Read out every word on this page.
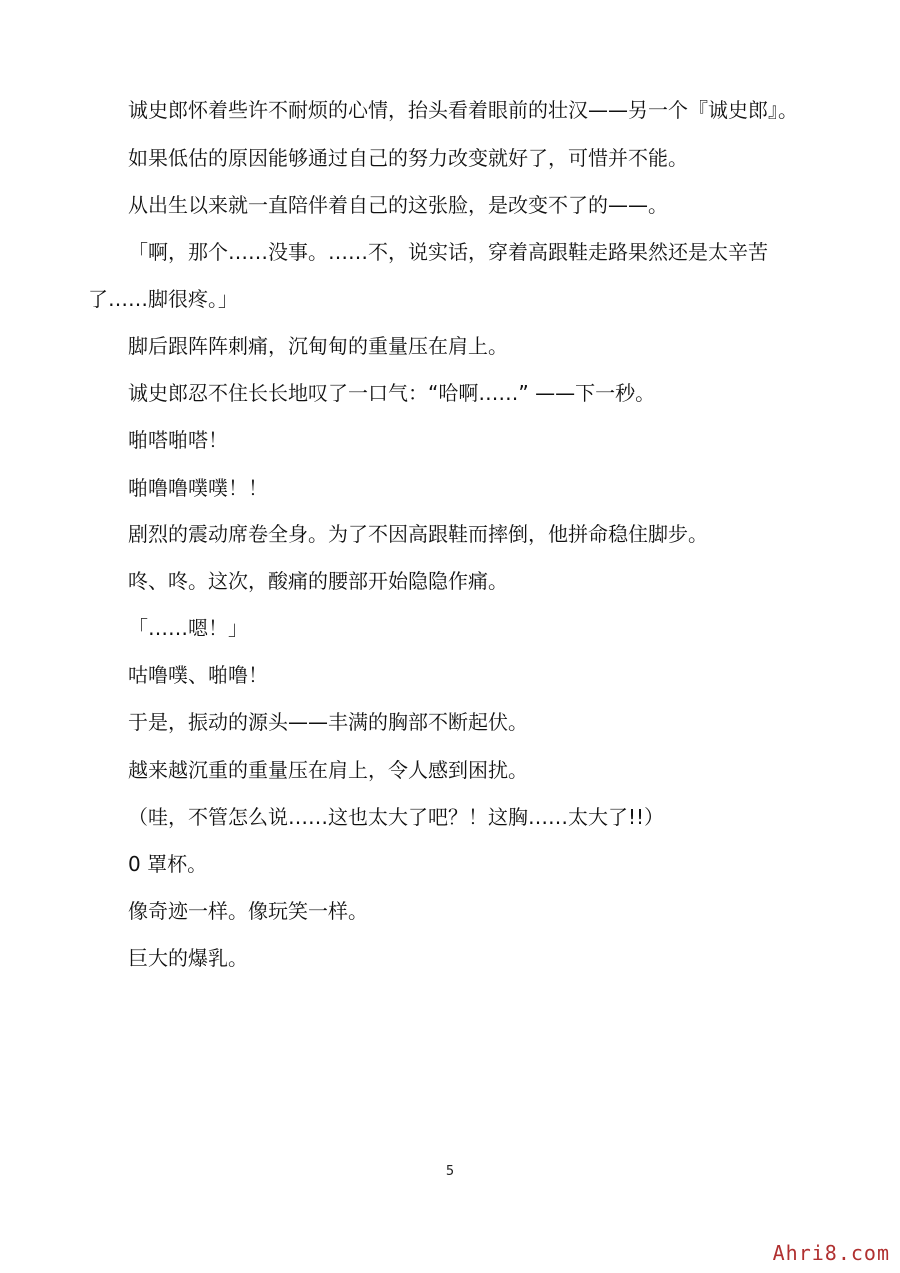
诚史郎怀着些许不耐烦的心情，抬头看着眼前的壮汉——另一个『诚史郎』。

如果低估的原因能够通过自己的努力改变就好了，可惜并不能。

从出生以来就一直陪伴着自己的这张脸，是改变不了的——。

「啊，那个……没事。……不，说实话，穿着高跟鞋走路果然还是太辛苦了……脚很疼。」

脚后跟阵阵刺痛，沉甸甸的重量压在肩上。

诚史郎忍不住长长地叹了一口气：“哈啊……” ——下一秒。

啪嗒啪嗒！

啪噜噜噗噗！！

剧烈的震动席卷全身。为了不因高跟鞋而摔倒，他拼命稳住脚步。

咚、咚。这次，酸痛的腰部开始隐隐作痛。

「……嗯！」

咕噜噗、啪噜！

于是，振动的源头——丰满的胸部不断起伏。

越来越沉重的重量压在肩上，令人感到困扰。

（哇，不管怎么说……这也太大了吧？！这胸……太大了!!）

0 罩杯。

像奇迹一样。像玩笑一样。

巨大的爆乳。

5
Ahri8.com
